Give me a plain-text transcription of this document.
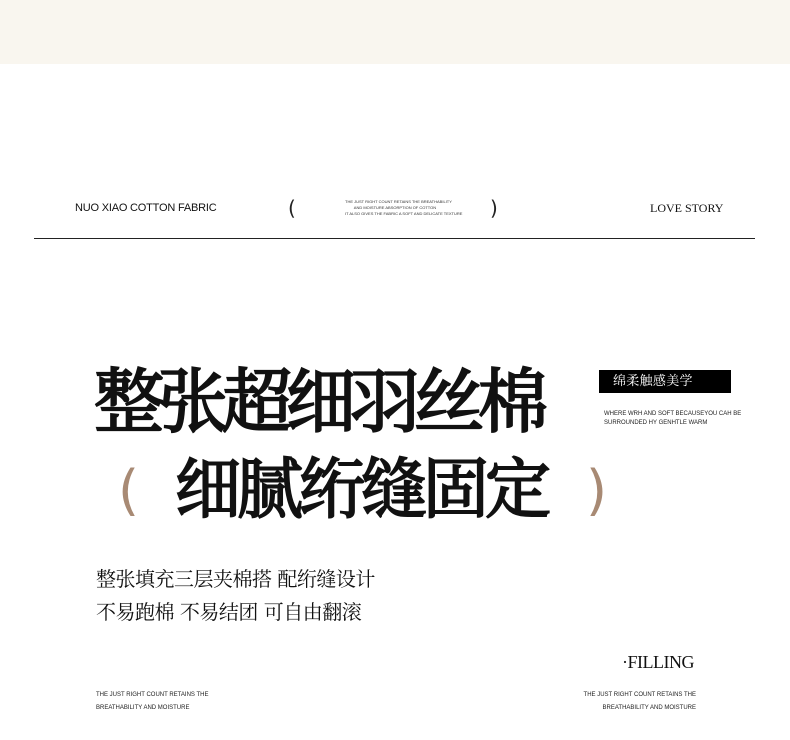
NUO XIAO COTTON FABRIC	(	THE JUST RIGHT COUNT RETAINS THE BREATHABILITY
AND MOISTURE ABSORPTION OF COTTON
IT ALSO GIVES THE FABRIC A SOFT AND DELICATE TEXTURE )	LOVE STORY
整张超细羽丝棉	绵柔触感美学
WHERE WRH AND SOFT BECAUSEYOU CAH BE
SURROUNDED HY GENHTLE WARM
( 细腻绗缝固定 )
整张填充三层夹棉搭 配绗缝设计
不易跑棉 不易结团 可自由翻滚
·FILLING
THE JUST RIGHT COUNT RETAINS THE
BREATHABILITY AND MOISTURE
THE JUST RIGHT COUNT RETAINS THE
BREATHABILITY AND MOISTURE
